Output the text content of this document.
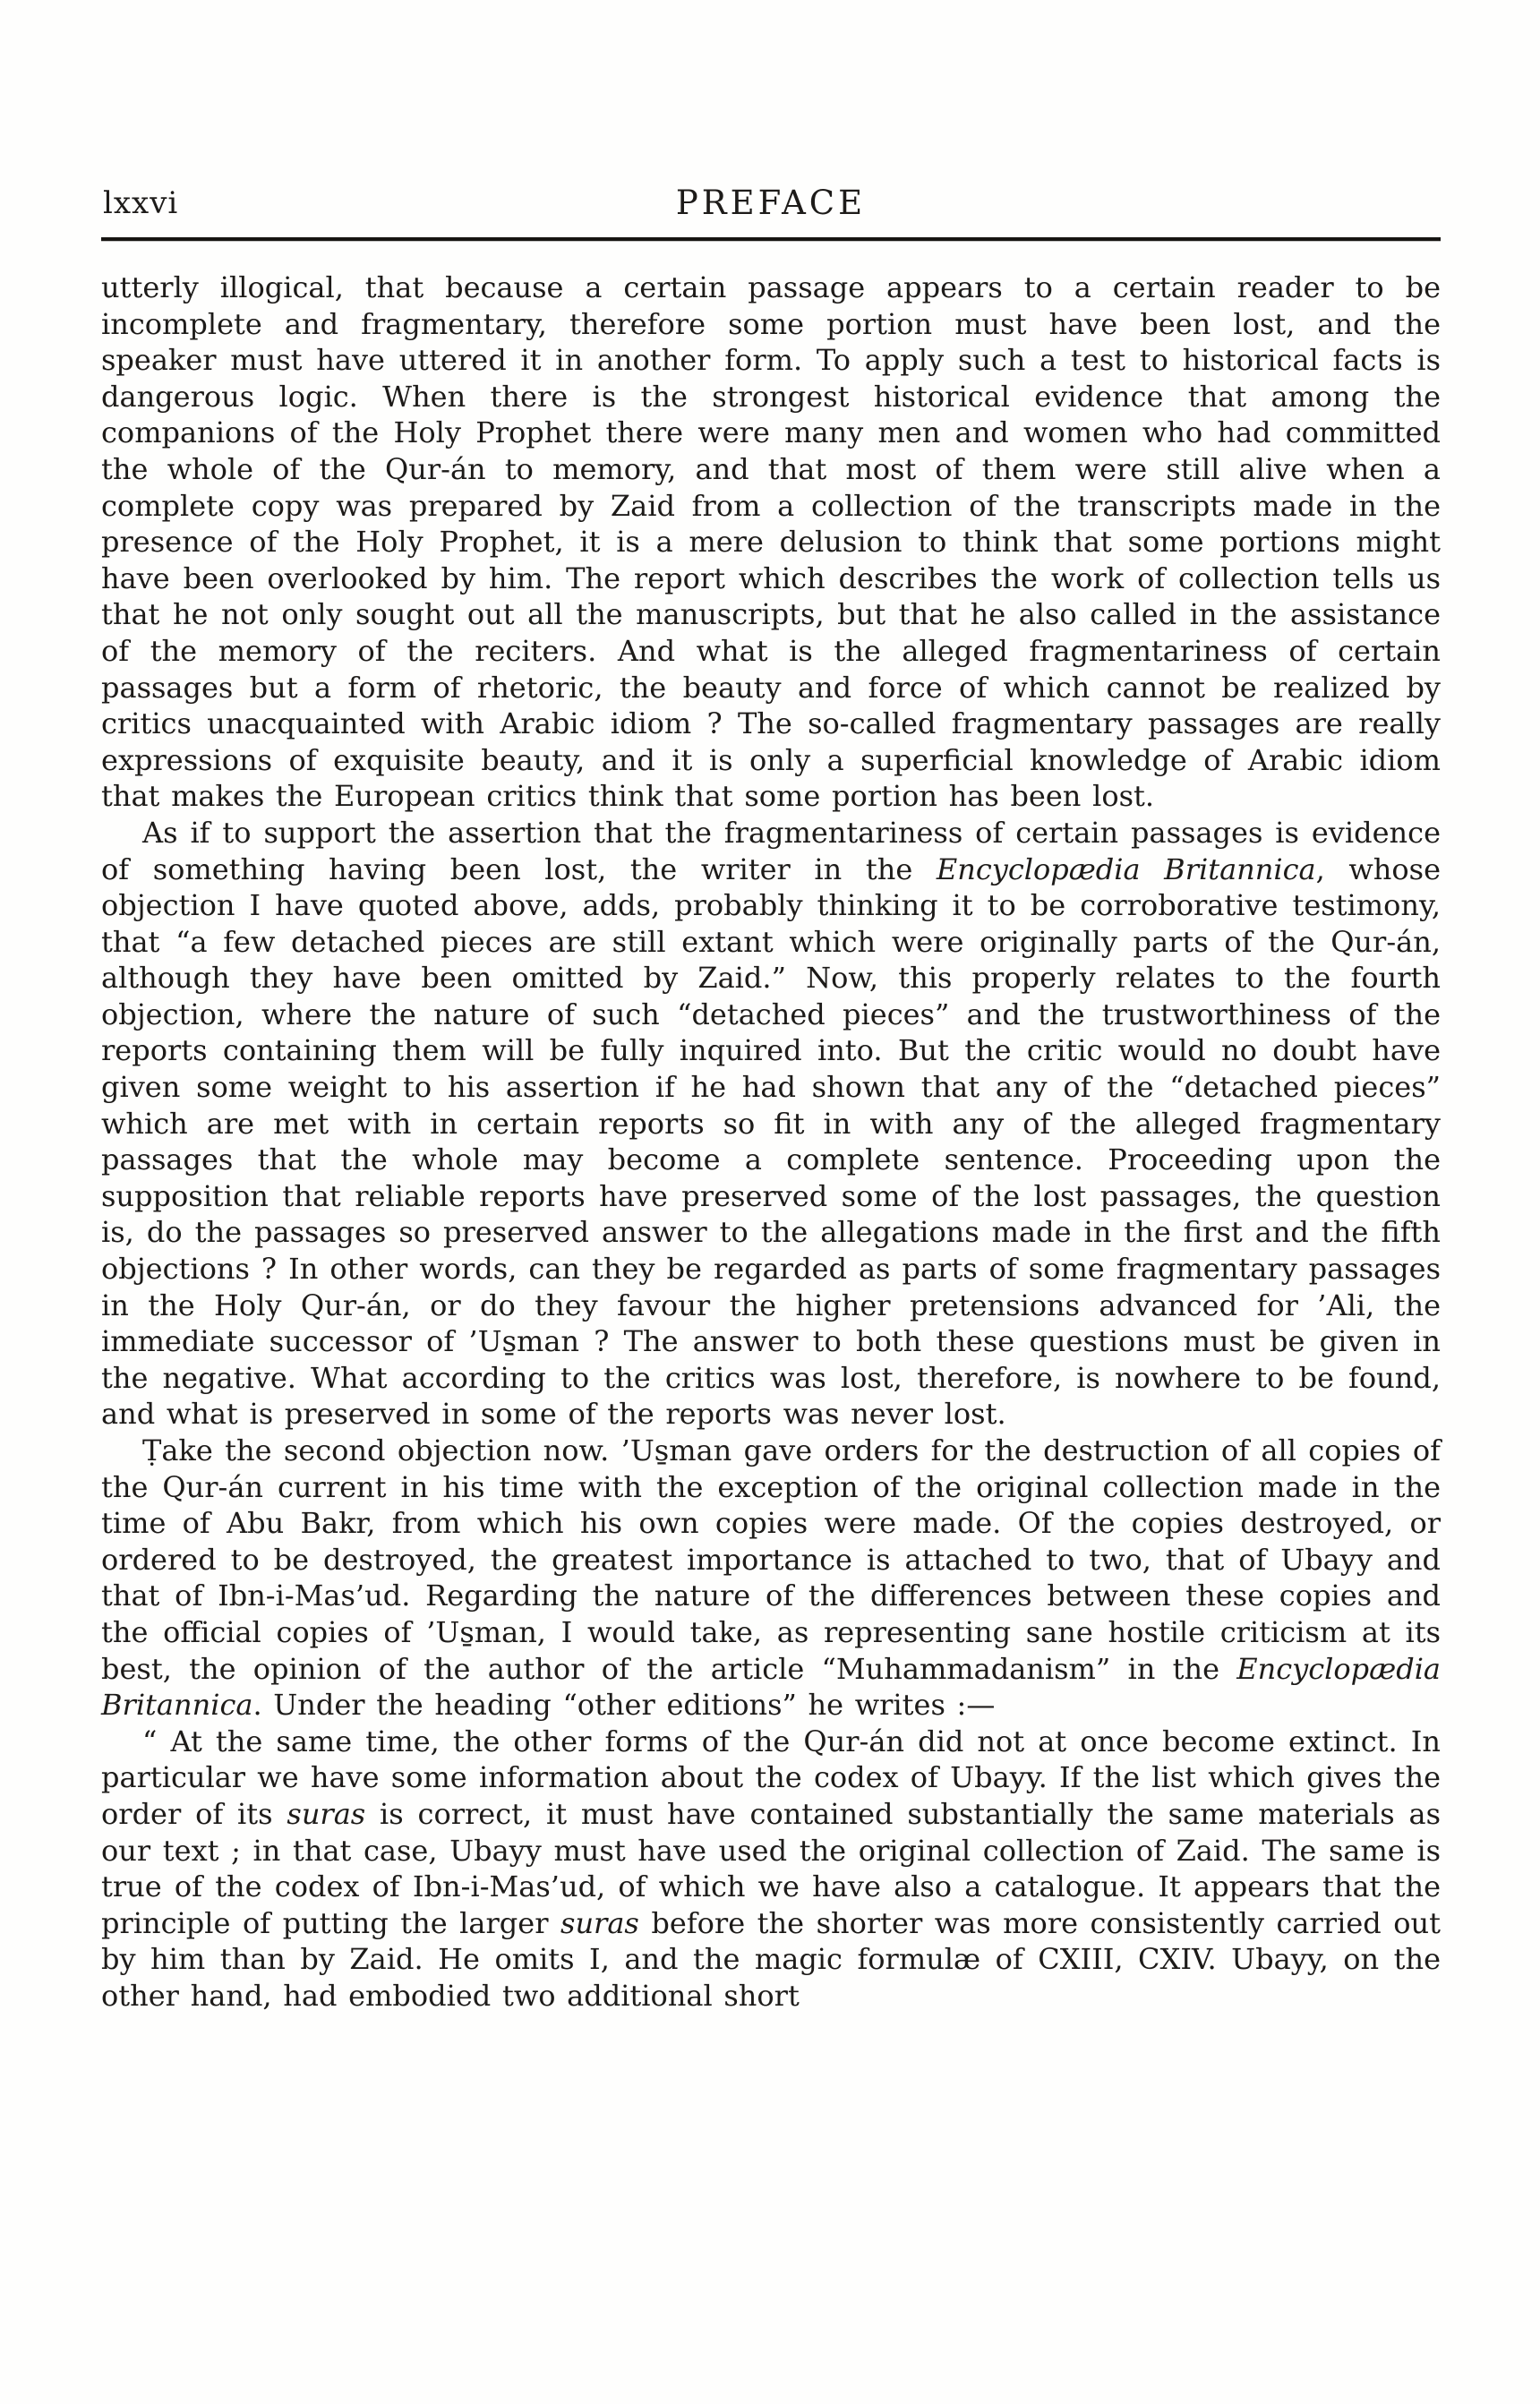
lxxvi	PREFACE

utterly illogical, that because a certain passage appears to a certain reader to be incomplete and fragmentary, therefore some portion must have been lost, and the speaker must have uttered it in another form. To apply such a test to historical facts is dangerous logic. When there is the strongest historical evidence that among the companions of the Holy Prophet there were many men and women who had committed the whole of the Qur-án to memory, and that most of them were still alive when a complete copy was prepared by Zaid from a collection of the transcripts made in the presence of the Holy Prophet, it is a mere delusion to think that some portions might have been overlooked by him. The report which describes the work of collection tells us that he not only sought out all the manuscripts, but that he also called in the assistance of the memory of the reciters. And what is the alleged fragmentariness of certain passages but a form of rhetoric, the beauty and force of which cannot be realized by critics unacquainted with Arabic idiom ? The so-called fragmentary passages are really expressions of exquisite beauty, and it is only a superficial knowledge of Arabic idiom that makes the European critics think that some portion has been lost.

As if to support the assertion that the fragmentariness of certain passages is evidence of something having been lost, the writer in the Encyclopædia Britannica, whose objection I have quoted above, adds, probably thinking it to be corroborative testimony, that “a few detached pieces are still extant which were originally parts of the Qur-án, although they have been omitted by Zaid.” Now, this properly relates to the fourth objection, where the nature of such “detached pieces” and the trustworthiness of the reports containing them will be fully inquired into. But the critic would no doubt have given some weight to his assertion if he had shown that any of the “detached pieces” which are met with in certain reports so fit in with any of the alleged fragmentary passages that the whole may become a complete sentence. Proceeding upon the supposition that reliable reports have preserved some of the lost passages, the question is, do the passages so preserved answer to the allegations made in the first and the fifth objections ? In other words, can they be regarded as parts of some fragmentary passages in the Holy Qur-án, or do they favour the higher pretensions advanced for ’Ali, the immediate successor of ’Us̱man ? The answer to both these questions must be given in the negative. What according to the critics was lost, therefore, is nowhere to be found, and what is preserved in some of the reports was never lost.

Ṭake the second objection now. ’Us̱man gave orders for the destruction of all copies of the Qur-án current in his time with the exception of the original collection made in the time of Abu Bakr, from which his own copies were made. Of the copies destroyed, or ordered to be destroyed, the greatest importance is attached to two, that of Ubayy and that of Ibn-i-Mas’ud. Regarding the nature of the differences between these copies and the official copies of ’Us̱man, I would take, as representing sane hostile criticism at its best, the opinion of the author of the article “Muhammadanism” in the Encyclopædia Britannica. Under the heading “other editions” he writes :—

“ At the same time, the other forms of the Qur-án did not at once become extinct. In particular we have some information about the codex of Ubayy. If the list which gives the order of its suras is correct, it must have contained substantially the same materials as our text ; in that case, Ubayy must have used the original collection of Zaid. The same is true of the codex of Ibn-i-Mas’ud, of which we have also a catalogue. It appears that the principle of putting the larger suras before the shorter was more consistently carried out by him than by Zaid. He omits I, and the magic formulæ of CXIII, CXIV. Ubayy, on the other hand, had embodied two additional short
